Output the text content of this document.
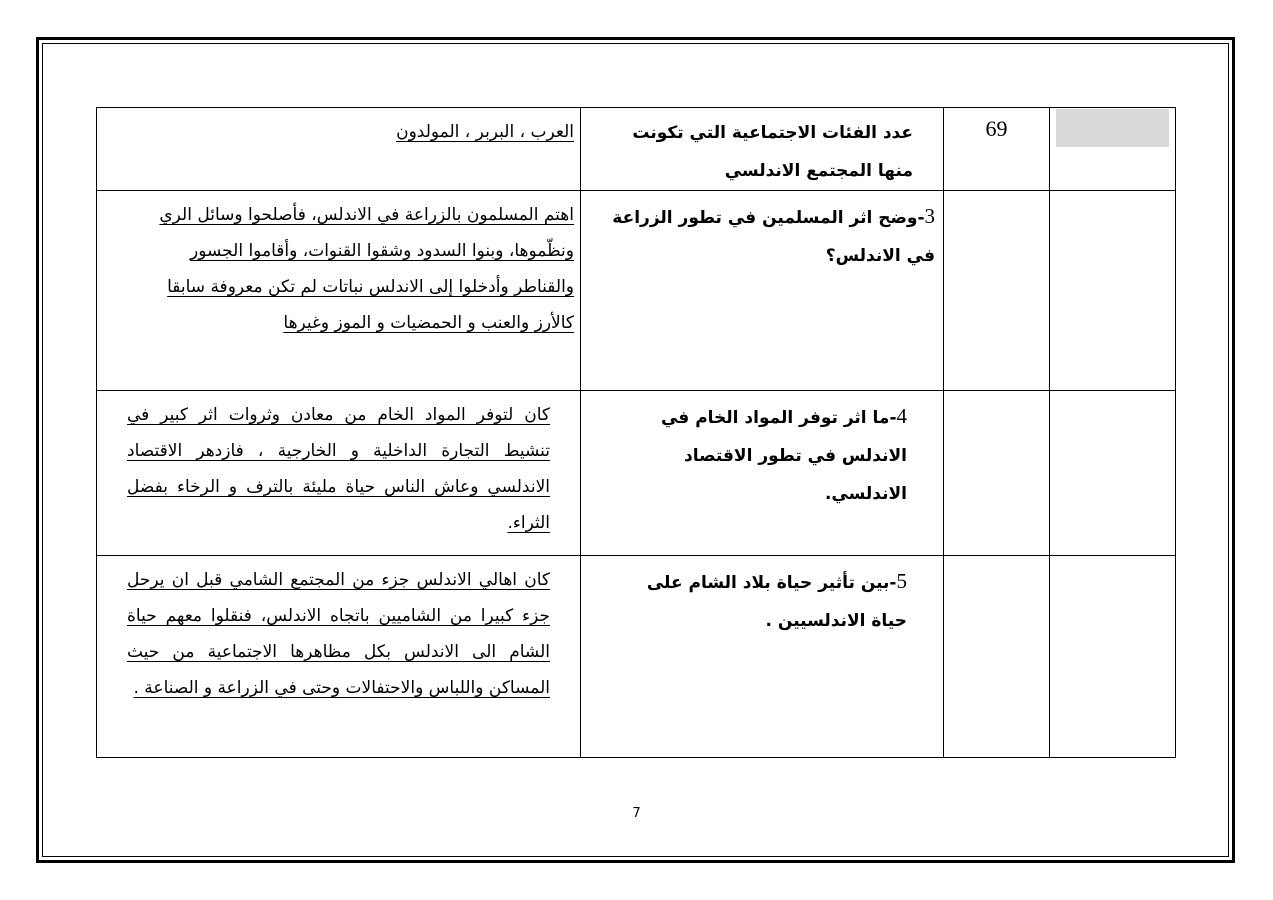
العرب ، البربر ، المولدون	عدد الفئات الاجتماعية التي تكونت منها المجتمع الاندلسي	69	

اهتم المسلمون بالزراعة في الاندلس، فأصلحوا وسائل الري ونظّموها، وبنوا السدود وشقوا القنوات، وأقاموا الجسور والقناطر وأدخلوا إلى الاندلس نباتات لم تكن معروفة سابقا كالأرز والعنب و الحمضيات و الموز وغيرها	3-وضح اثر المسلمين في تطور الزراعة في الاندلس؟		
كان لتوفر المواد الخام من معادن وثروات اثر كبير في تنشيط التجارة الداخلية و الخارجية ، فازدهر الاقتصاد الاندلسي وعاش الناس حياة مليئة بالترف و الرخاء بفضل الثراء.	4-ما اثر توفر المواد الخام في الاندلس في تطور الاقتصاد الاندلسي.		
كان اهالي الاندلس جزء من المجتمع الشامي قبل ان يرحل جزء كبيرا من الشاميين باتجاه الاندلس، فنقلوا معهم حياة الشام الى الاندلس بكل مظاهرها الاجتماعية من حيث المساكن واللباس والاحتفالات وحتى في الزراعة و الصناعة .	5-بين تأثير حياة بلاد الشام على حياة الاندلسيين .		
7
